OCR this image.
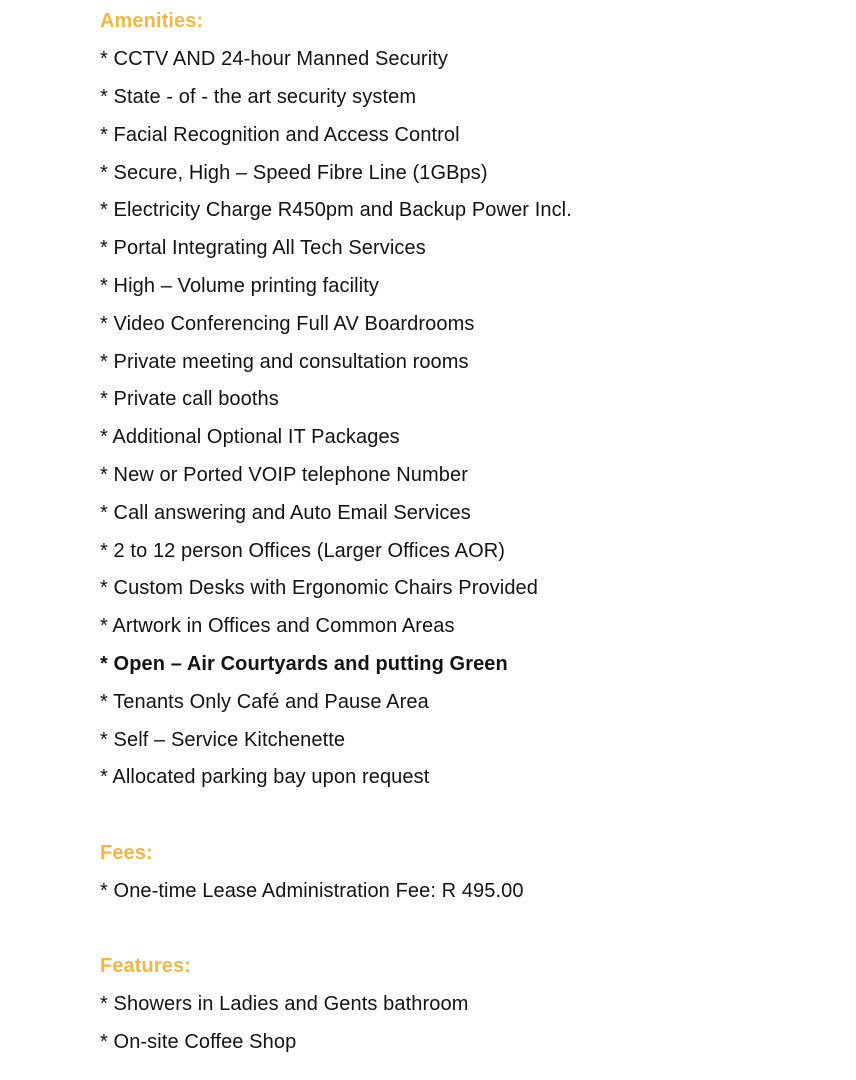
Amenities:
* CCTV AND 24-hour Manned Security
* State - of - the art security system
* Facial Recognition and Access Control
* Secure, High – Speed Fibre Line (1GBps)
* Electricity Charge R450pm and Backup Power Incl.
* Portal Integrating All Tech Services
* High – Volume printing facility
* Video Conferencing Full AV Boardrooms
* Private meeting and consultation rooms
* Private call booths
* Additional Optional IT Packages
* New or Ported VOIP telephone Number
* Call answering and Auto Email Services
* 2 to 12 person Offices (Larger Offices AOR)
* Custom Desks with Ergonomic Chairs Provided
* Artwork in Offices and Common Areas
* Open – Air Courtyards and putting Green
* Tenants Only Café and Pause Area
* Self – Service Kitchenette
* Allocated parking bay upon request
Fees:
* One-time Lease Administration Fee: R 495.00
Features:
* Showers in Ladies and Gents bathroom
* On-site Coffee Shop
